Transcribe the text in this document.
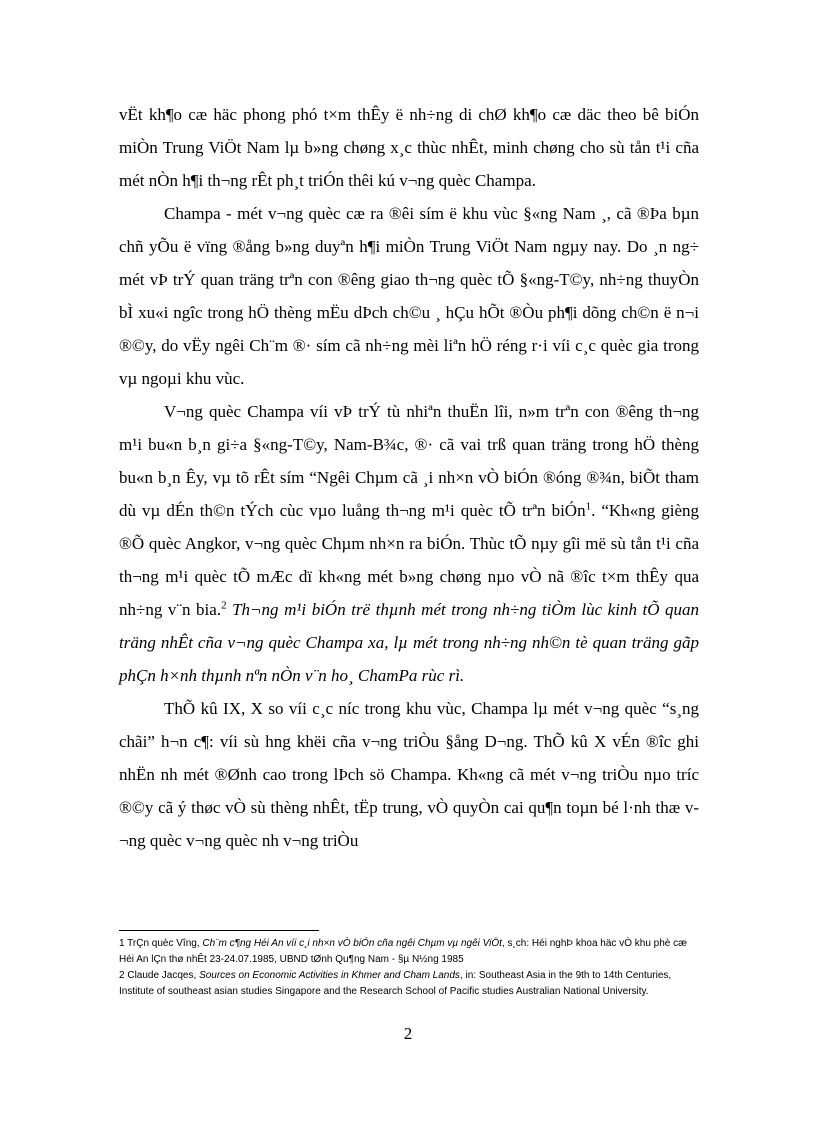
vËt kh¶o cæ häc phong phó t×m thÊy ë nh÷ng di chØ kh¶o cæ däc theo bê biÓn miÒn Trung ViÖt Nam lµ b»ng chøng x¸c thùc nhÊt, minh chøng cho sù tån t¹i cña mét nÒn h¶i th¬ng rÊt ph¸t triÓn thêi kú v¬ng quèc Champa.

Champa - mét v¬ng quèc cæ ra ®êi sím ë khu vùc §«ng Nam ¸, cã ®Þa bµn chñ yÕu ë vïng ®ång b»ng duyªn h¶i miÒn Trung ViÖt Nam ngµy nay. Do ¸n ng÷ mét vÞ trÝ quan träng trªn con ®êng giao th¬ng quèc tÕ §«ng-T©y, nh÷ng thuyÒn bÌ xu«i ngîc trong hÖ thèng mËu dÞch ch©u ¸ hÇu hÕt ®Òu ph¶i dõng ch©n ë n¬i ®©y, do vËy ngêi Ch¨m ®· sím cã nh÷ng mèi liªn hÖ réng r·i víi c¸c quèc gia trong vµ ngoµi khu vùc.

V¬ng quèc Champa víi vÞ trÝ tù nhiªn thuËn lîi, n»m trªn con ®êng th¬ng m¹i bu«n b¸n gi÷a §«ng-T©y, Nam-B¾c, ®· cã vai trß quan träng trong hÖ thèng bu«n b¸n Êy, vµ tõ rÊt sím “Ngêi Chµm cã ¸i nh×n vÒ biÓn ®óng ®¾n, biÕt tham dù vµ dÉn th©n tÝch cùc vµo luång th¬ng m¹i quèc tÕ trªn biÓn$^1$. “Kh«ng gièng ®Õ quèc Angkor, v¬ng quèc Chµm nh×n ra biÓn. Thùc tÕ nµy gîi më sù tån t¹i cña th¬ng m¹i quèc tÕ mÆc dï kh«ng mét b»ng chøng nµo vÒ nã ®îc t×m thÊy qua nh÷ng v¨n bia.$^2$ Th¬ng m¹i biÓn trë thµnh mét trong nh÷ng tiÒm lùc kinh tÕ quan träng nhÊt cña v¬ng quèc Champa xa, lµ mét trong nh÷ng nh©n tè quan träng gãp phÇn h×nh thµnh nªn nÒn v¨n ho¸ ChamPa rùc rì.

ThÕ kû IX, X so víi c¸c níc trong khu vùc, Champa lµ mét v¬ng quèc “s¸ng chãi” h¬n c¶: víi sù hng khëi cña v¬ng triÒu §ång D¬ng. ThÕ kû X vÉn ®îc ghi nhËn nh mét ®Ønh cao trong lÞch sö Champa. Kh«ng cã mét v¬ng triÒu nµo tríc ®©y cã ý thøc vÒ sù thèng nhÊt, tËp trung, vÒ quyÒn cai qu¶n toµn bé l·nh thæ v¬ng quèc v¬ng quèc nh v¬ng triÒu

1 TrÇn quèc Vîng, Ch¨m c¶ng Héi An víi c¸i nh×n vÒ biÓn cña ngêi Chµm vµ ngêi ViÖt, s¸ch: Héi nghÞ khoa häc vÒ khu phè cæ Héi An lÇn thø nhÊt 23-24.07.1985, UBND tØnh Qu¶ng Nam - §µ N½ng 1985

2 Claude Jacqes, Sources on Economic Activities in Khmer and Cham Lands, in: Southeast Asia in the 9th to 14th Centuries, Institute of southeast asian studies Singapore and the Research School of Pacific studies Australian National University.

2
